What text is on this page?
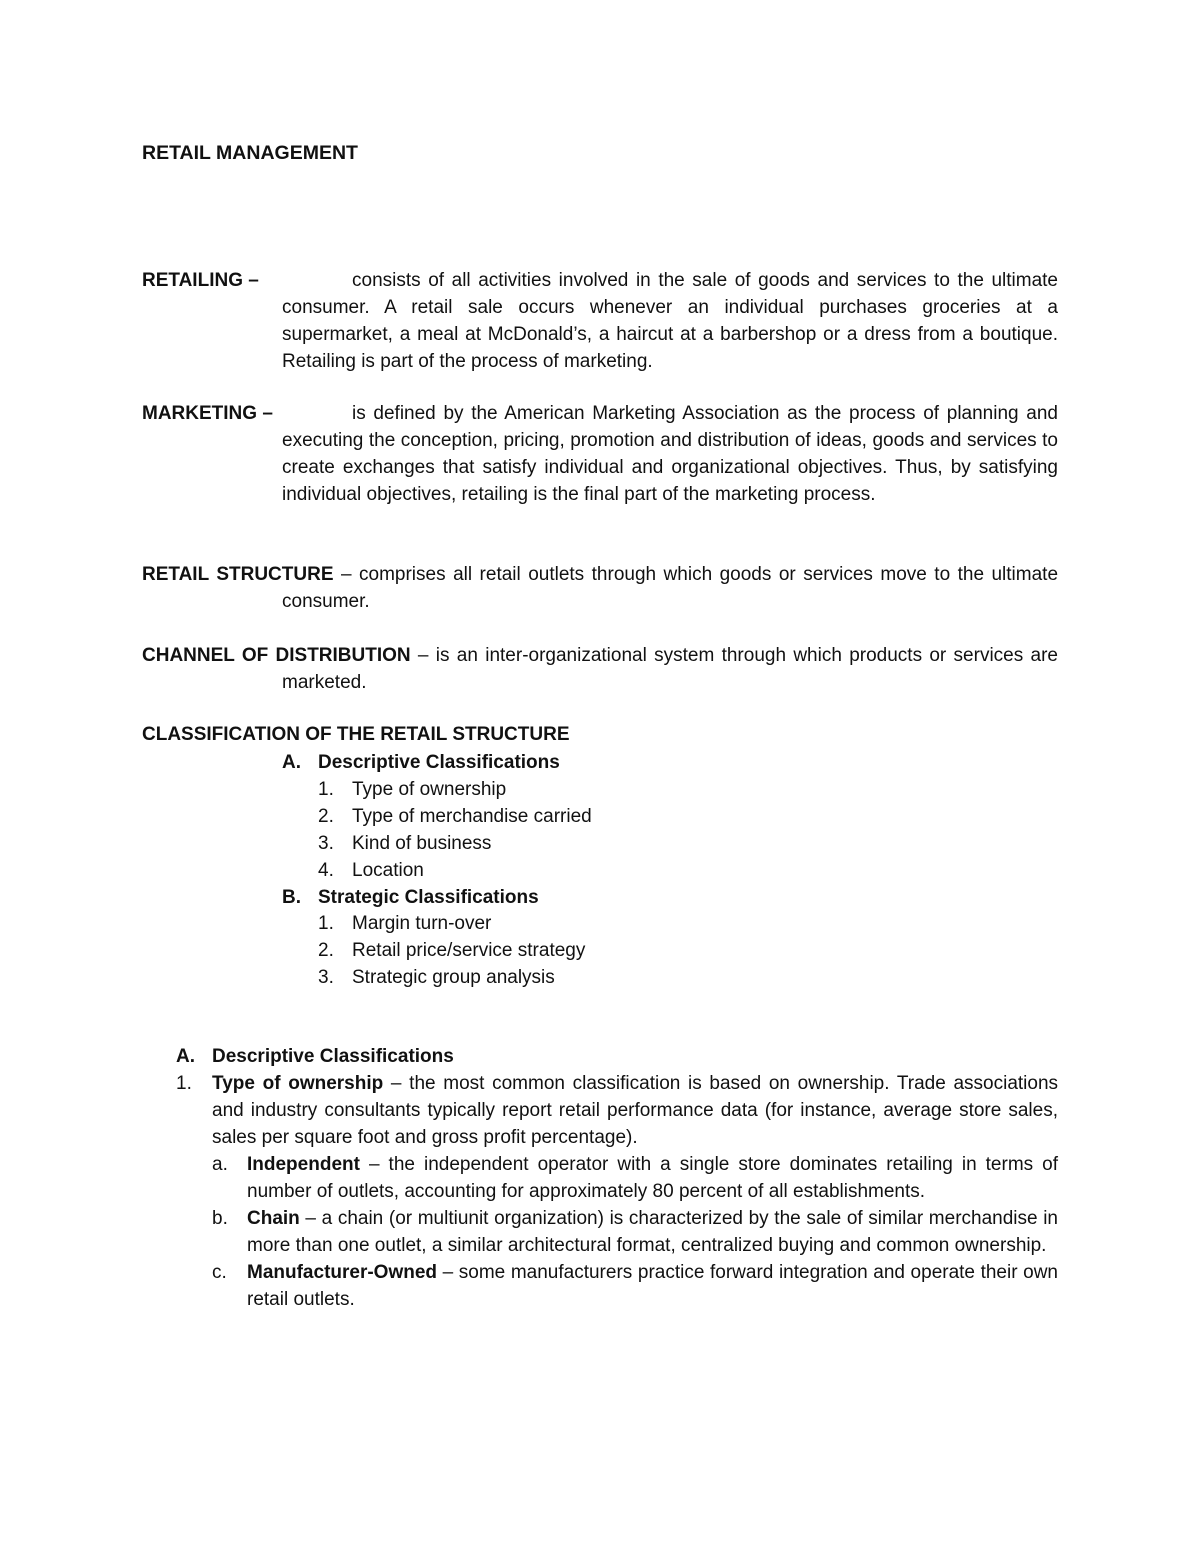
RETAIL MANAGEMENT
RETAILING –	consists of all activities involved in the sale of goods and services to the ultimate consumer. A retail sale occurs whenever an individual purchases groceries at a supermarket, a meal at McDonald’s, a haircut at a barbershop or a dress from a boutique. Retailing is part of the process of marketing.
MARKETING –	is defined by the American Marketing Association as the process of planning and executing the conception, pricing, promotion and distribution of ideas, goods and services to create exchanges that satisfy individual and organizational objectives. Thus, by satisfying individual objectives, retailing is the final part of the marketing process.
RETAIL STRUCTURE – comprises all retail outlets through which goods or services move to the ultimate consumer.
CHANNEL OF DISTRIBUTION – is an inter-organizational system through which products or services are marketed.
CLASSIFICATION OF THE RETAIL STRUCTURE
A. Descriptive Classifications
1. Type of ownership
2. Type of merchandise carried
3. Kind of business
4. Location
B. Strategic Classifications
1. Margin turn-over
2. Retail price/service strategy
3. Strategic group analysis
A. Descriptive Classifications
1. Type of ownership – the most common classification is based on ownership. Trade associations and industry consultants typically report retail performance data (for instance, average store sales, sales per square foot and gross profit percentage).
a. Independent – the independent operator with a single store dominates retailing in terms of number of outlets, accounting for approximately 80 percent of all establishments.
b. Chain – a chain (or multiunit organization) is characterized by the sale of similar merchandise in more than one outlet, a similar architectural format, centralized buying and common ownership.
c. Manufacturer-Owned – some manufacturers practice forward integration and operate their own retail outlets.
